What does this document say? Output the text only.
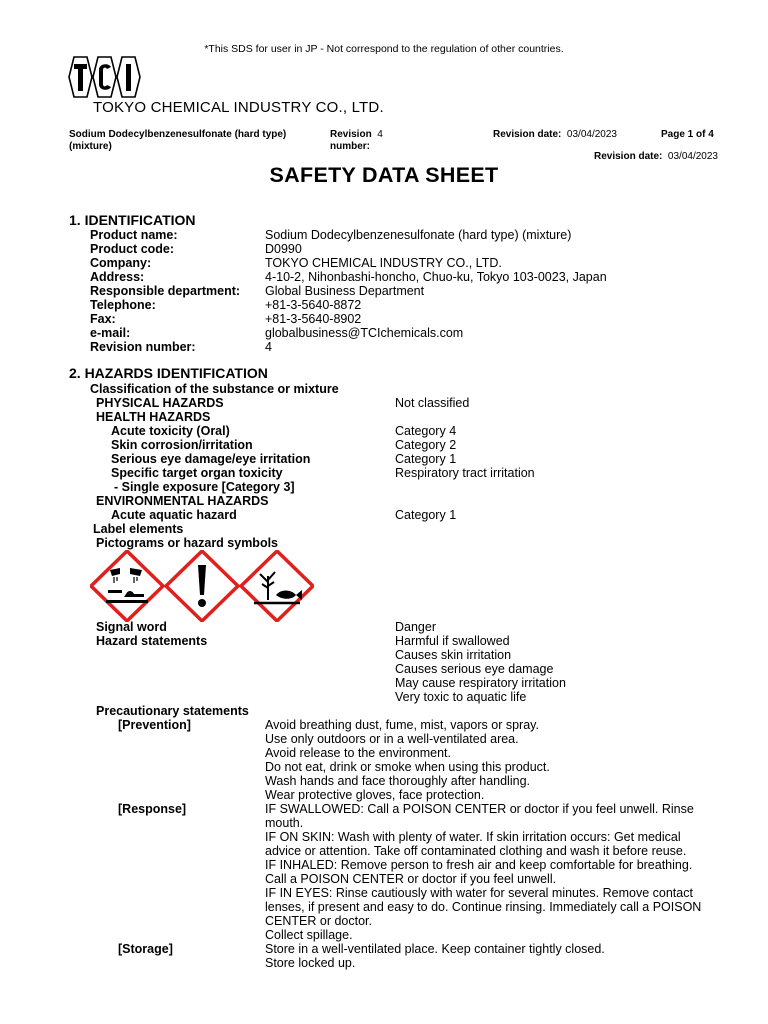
*This SDS for user in JP - Not correspond to the regulation of other countries.
TOKYO CHEMICAL INDUSTRY CO., LTD.
Sodium Dodecylbenzenesulfonate (hard type)
(mixture)
Revision 4
number:
Revision date: 03/04/2023	Page 1 of 4
Revision date: 03/04/2023
SAFETY DATA SHEET
1. IDENTIFICATION
Product name:	Sodium Dodecylbenzenesulfonate (hard type) (mixture)
Product code:	D0990
Company:	TOKYO CHEMICAL INDUSTRY CO., LTD.
Address:	4-10-2, Nihonbashi-honcho, Chuo-ku, Tokyo 103-0023, Japan
Responsible department: Global Business Department
Telephone:	+81-3-5640-8872
Fax:	+81-3-5640-8902
e-mail:	globalbusiness@TCIchemicals.com
Revision number:	4
2. HAZARDS IDENTIFICATION
Classification of the substance or mixture
PHYSICAL HAZARDS	Not classified
HEALTH HAZARDS
Acute toxicity (Oral)	Category 4
Skin corrosion/irritation	Category 2
Serious eye damage/eye irritation	Category 1
Specific target organ toxicity	Respiratory tract irritation
- Single exposure [Category 3]
ENVIRONMENTAL HAZARDS
Acute aquatic hazard	Category 1
Label elements
Pictograms or hazard symbols
Signal word	Danger
Hazard statements	Harmful if swallowed
Causes skin irritation
Causes serious eye damage
May cause respiratory irritation
Very toxic to aquatic life
Precautionary statements
[Prevention]	Avoid breathing dust, fume, mist, vapors or spray.
Use only outdoors or in a well-ventilated area.
Avoid release to the environment.
Do not eat, drink or smoke when using this product.
Wash hands and face thoroughly after handling.
Wear protective gloves, face protection.
[Response]	IF SWALLOWED: Call a POISON CENTER or doctor if you feel unwell. Rinse
mouth.
IF ON SKIN: Wash with plenty of water. If skin irritation occurs: Get medical
advice or attention. Take off contaminated clothing and wash it before reuse.
IF INHALED: Remove person to fresh air and keep comfortable for breathing.
Call a POISON CENTER or doctor if you feel unwell.
IF IN EYES: Rinse cautiously with water for several minutes. Remove contact
lenses, if present and easy to do. Continue rinsing. Immediately call a POISON
CENTER or doctor.
Collect spillage.
[Storage]	Store in a well-ventilated place. Keep container tightly closed.
Store locked up.
